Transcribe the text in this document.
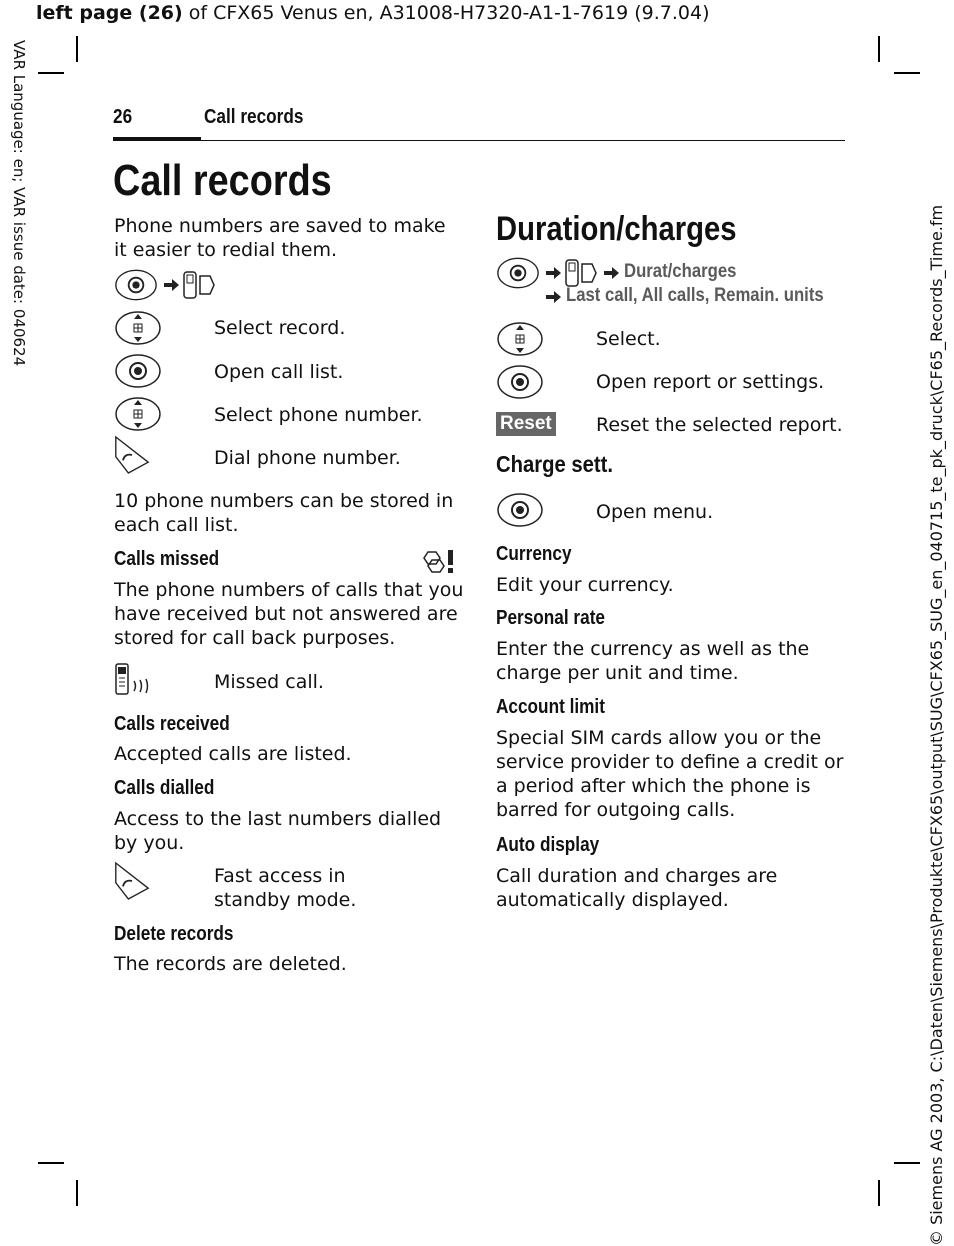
left page (26) of CFX65 Venus en, A31008-H7320-A1-1-7619 (9.7.04)
VAR Language: en; VAR issue date: 040624
© Siemens AG 2003, C:\Daten\Siemens\Produkte\CFX65\output\SUG\CFX65_SUG_en_040715_te_pk_druck\CF65_Records_Time.fm
26	Call records
Call records
Phone numbers are saved to make it easier to redial them.
Select record.
Open call list.
Select phone number.
Dial phone number.
10 phone numbers can be stored in each call list.
Calls missed
The phone numbers of calls that you have received but not answered are stored for call back purposes.
Missed call.
Calls received
Accepted calls are listed.
Calls dialled
Access to the last numbers dialled by you.
Fast access in
standby mode.
Delete records
The records are deleted.
Duration/charges
Durat/charges
Last call, All calls, Remain. units
Select.
Open report or settings.
Reset Reset the selected report.
Charge sett.
Open menu.
Currency
Edit your currency.
Personal rate
Enter the currency as well as the charge per unit and time.
Account limit
Special SIM cards allow you or the service provider to define a credit or a period after which the phone is barred for outgoing calls.
Auto display
Call duration and charges are automatically displayed.
